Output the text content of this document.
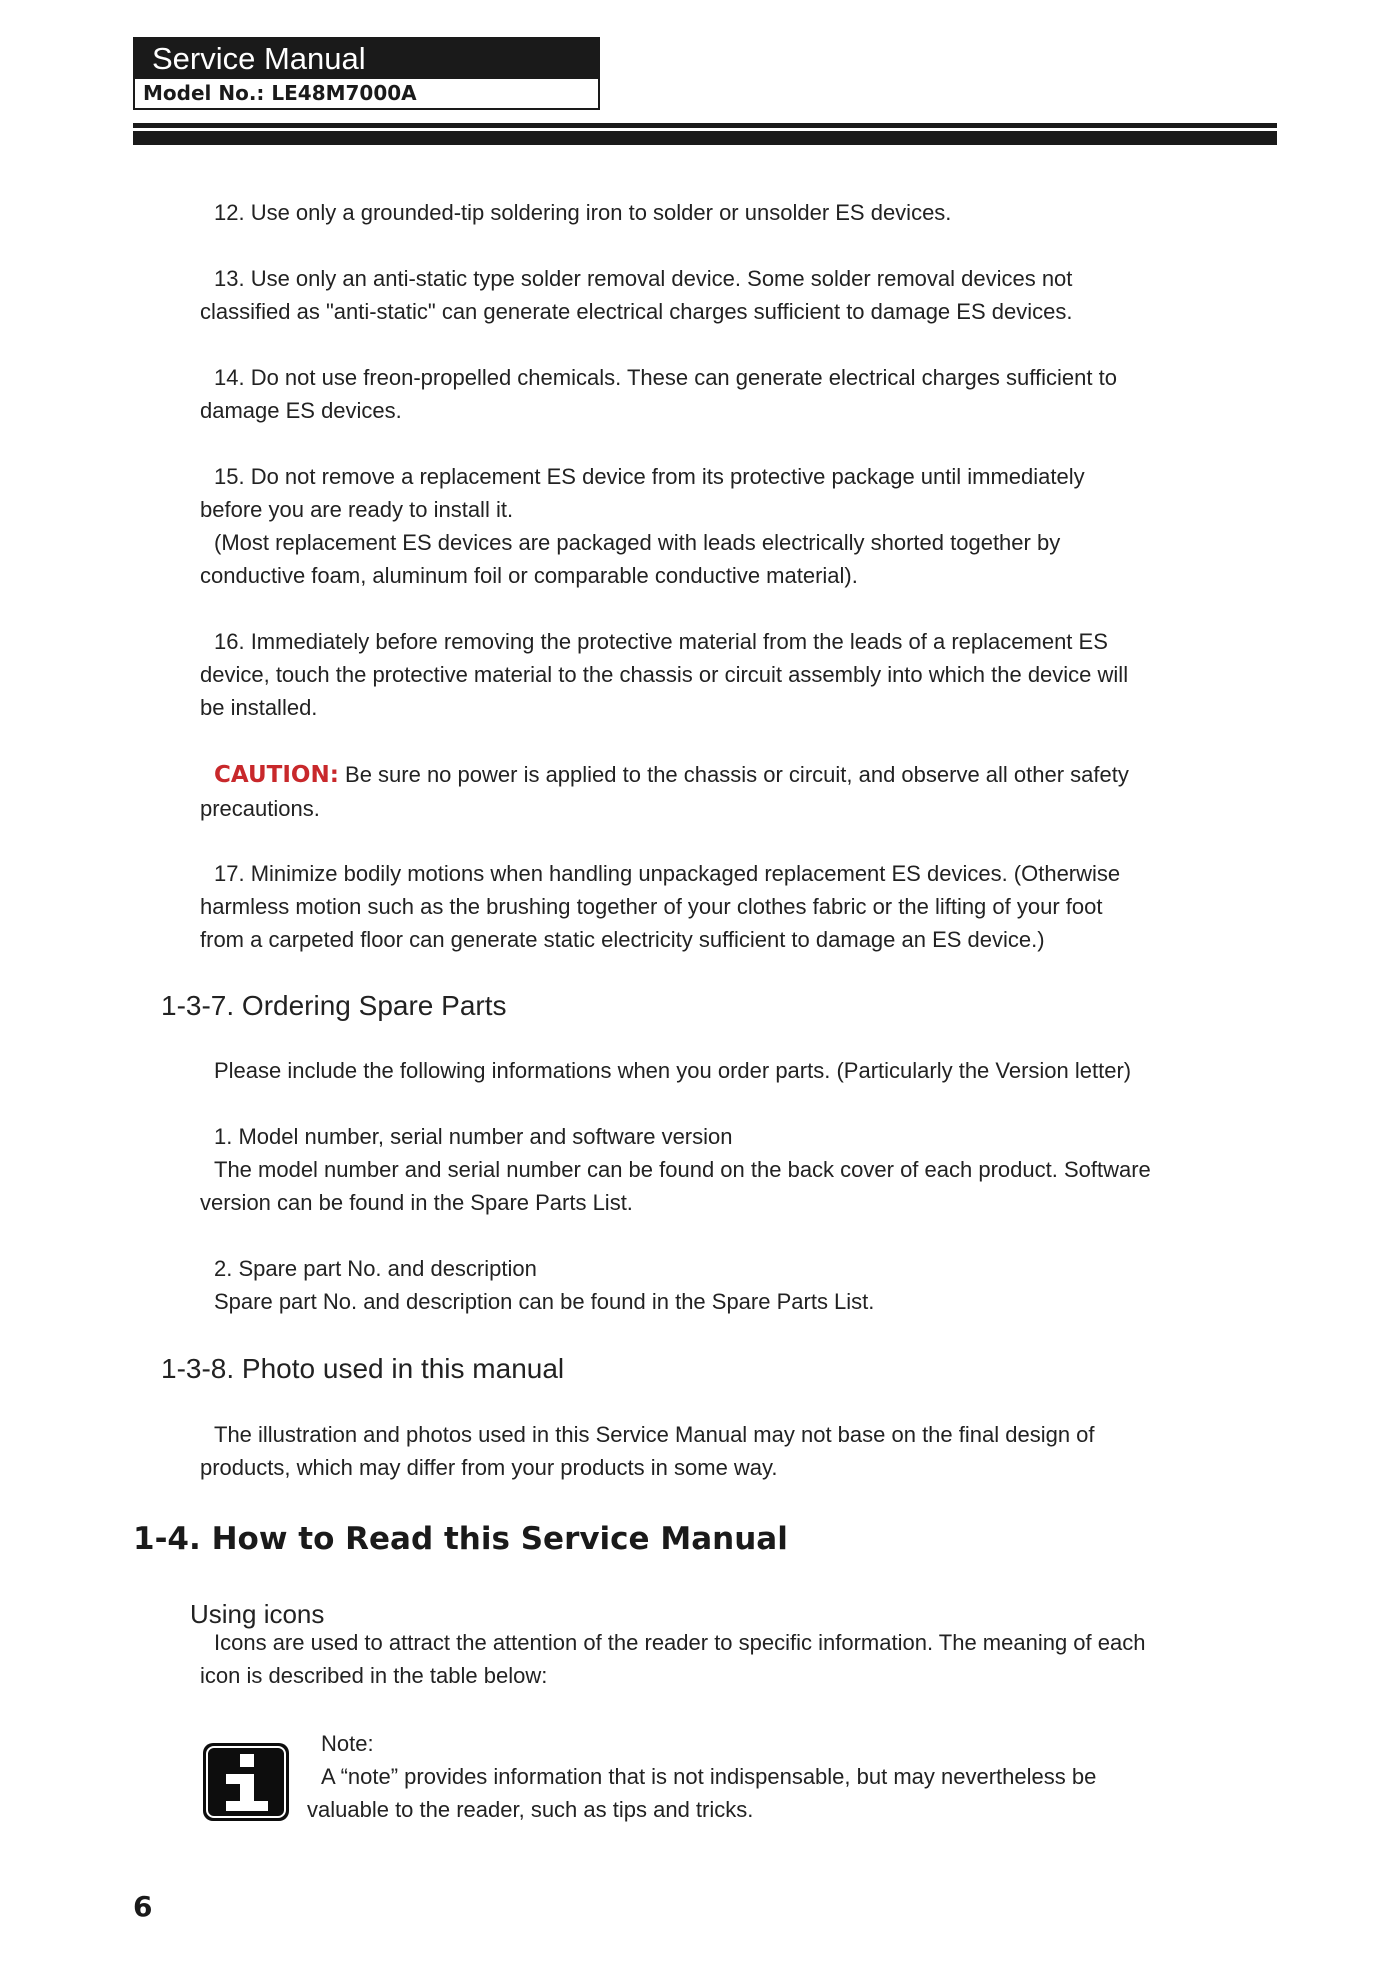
Service Manual
Model No.: LE48M7000A
12. Use only a grounded-tip soldering iron to solder or unsolder ES devices.
13. Use only an anti-static type solder removal device. Some solder removal devices not
classified as "anti-static" can generate electrical charges sufficient to damage ES devices.
14. Do not use freon-propelled chemicals. These can generate electrical charges sufficient to
damage ES devices.
15. Do not remove a replacement ES device from its protective package until immediately
before you are ready to install it.
(Most replacement ES devices are packaged with leads electrically shorted together by
conductive foam, aluminum foil or comparable conductive material).
16. Immediately before removing the protective material from the leads of a replacement ES
device, touch the protective material to the chassis or circuit assembly into which the device will
be installed.
CAUTION: Be sure no power is applied to the chassis or circuit, and observe all other safety
precautions.
17. Minimize bodily motions when handling unpackaged replacement ES devices. (Otherwise
harmless motion such as the brushing together of your clothes fabric or the lifting of your foot
from a carpeted floor can generate static electricity sufficient to damage an ES device.)
1-3-7. Ordering Spare Parts
Please include the following informations when you order parts. (Particularly the Version letter)
1. Model number, serial number and software version
The model number and serial number can be found on the back cover of each product. Software
version can be found in the Spare Parts List.
2. Spare part No. and description
Spare part No. and description can be found in the Spare Parts List.
1-3-8. Photo used in this manual
The illustration and photos used in this Service Manual may not base on the final design of
products, which may differ from your products in some way.
1-4. How to Read this Service Manual
Using icons
Icons are used to attract the attention of the reader to specific information. The meaning of each
icon is described in the table below:
Note:
A “note” provides information that is not indispensable, but may nevertheless be
valuable to the reader, such as tips and tricks.
6
